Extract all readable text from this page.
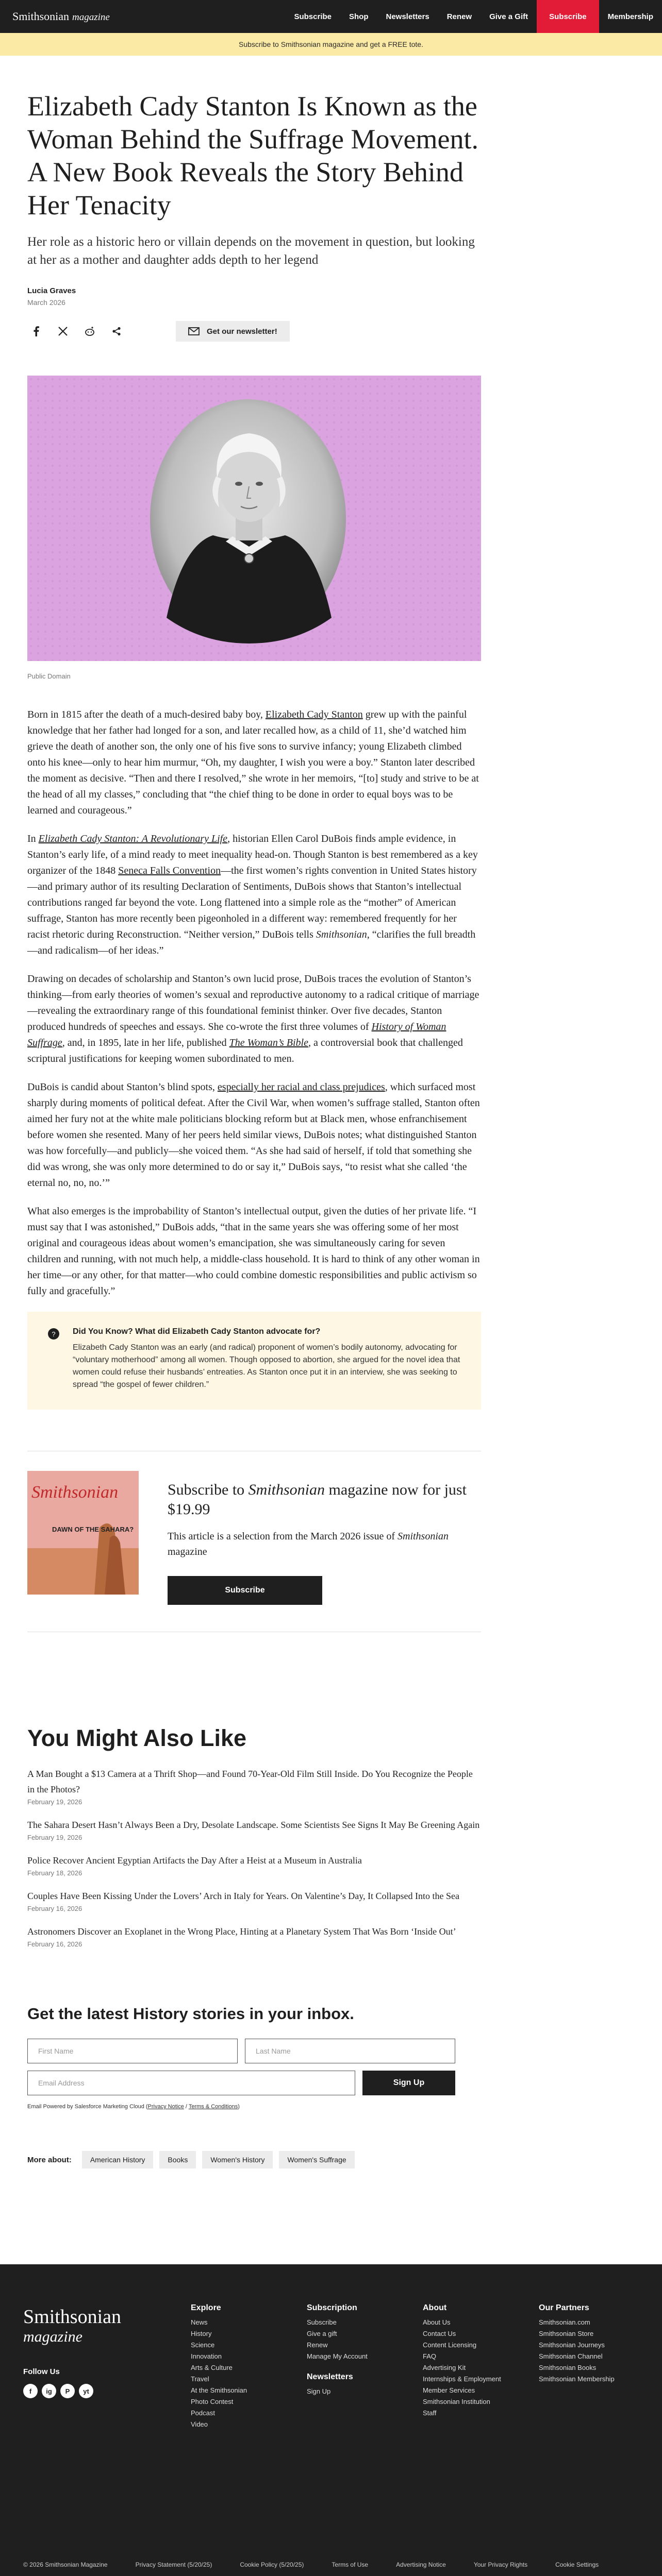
Smithsonian magazine	Subscribe	Shop	Newsletters	Renew	Give a Gift	Subscribe	Membership
Subscribe to Smithsonian magazine and get a FREE tote.
Elizabeth Cady Stanton Is Known as the Woman Behind the Suffrage Movement. A New Book Reveals the Story Behind Her Tenacity

Her role as a historic hero or villain depends on the movement in question, but looking at her as a mother and daughter adds depth to her legend

Lucia Graves
March 2026
Get our newsletter!
Public Domain

Born in 1815 after the death of a much-desired baby boy, Elizabeth Cady Stanton grew up with the painful knowledge that her father had longed for a son, and later recalled how, as a child of 11, she’d watched him grieve the death of another son, the only one of his five sons to survive infancy; young Elizabeth climbed onto his knee—only to hear him murmur, “Oh, my daughter, I wish you were a boy.” Stanton later described the moment as decisive. “Then and there I resolved,” she wrote in her memoirs, “[to] study and strive to be at the head of all my classes,” concluding that “the chief thing to be done in order to equal boys was to be learned and courageous.”

In Elizabeth Cady Stanton: A Revolutionary Life, historian Ellen Carol DuBois finds ample evidence, in Stanton’s early life, of a mind ready to meet inequality head-on. Though Stanton is best remembered as a key organizer of the 1848 Seneca Falls Convention—the first women’s rights convention in United States history—and primary author of its resulting Declaration of Sentiments, DuBois shows that Stanton’s intellectual contributions ranged far beyond the vote. Long flattened into a simple role as the “mother” of American suffrage, Stanton has more recently been pigeonholed in a different way: remembered frequently for her racist rhetoric during Reconstruction. “Neither version,” DuBois tells Smithsonian, “clarifies the full breadth—and radicalism—of her ideas.”

Drawing on decades of scholarship and Stanton’s own lucid prose, DuBois traces the evolution of Stanton’s thinking—from early theories of women’s sexual and reproductive autonomy to a radical critique of marriage—revealing the extraordinary range of this foundational feminist thinker. Over five decades, Stanton produced hundreds of speeches and essays. She co-wrote the first three volumes of History of Woman Suffrage, and, in 1895, late in her life, published The Woman’s Bible, a controversial book that challenged scriptural justifications for keeping women subordinated to men.

DuBois is candid about Stanton’s blind spots, especially her racial and class prejudices, which surfaced most sharply during moments of political defeat. After the Civil War, when women’s suffrage stalled, Stanton often aimed her fury not at the white male politicians blocking reform but at Black men, whose enfranchisement before women she resented. Many of her peers held similar views, DuBois notes; what distinguished Stanton was how forcefully—and publicly—she voiced them. “As she had said of herself, if told that something she did was wrong, she was only more determined to do or say it,” DuBois says, “to resist what she called ‘the eternal no, no, no.’”

What also emerges is the improbability of Stanton’s intellectual output, given the duties of her private life. “I must say that I was astonished,” DuBois adds, “that in the same years she was offering some of her most original and courageous ideas about women’s emancipation, she was simultaneously caring for seven children and running, with not much help, a middle-class household. It is hard to think of any other woman in her time—or any other, for that matter—who could combine domestic responsibilities and public activism so fully and gracefully.”

?	Did You Know? What did Elizabeth Cady Stanton advocate for?

Elizabeth Cady Stanton was an early (and radical) proponent of women’s bodily autonomy, advocating for “voluntary motherhood” among all women. Though opposed to abortion, she argued for the novel idea that women could refuse their husbands’ entreaties. As Stanton once put it in an interview, she was seeking to spread “the gospel of fewer children.”

Smithsonian
DAWN OF THE SAHARA?
Subscribe to Smithsonian magazine now for just $19.99
This article is a selection from the March 2026 issue of Smithsonian magazine
Subscribe
You Might Also Like
A Man Bought a $13 Camera at a Thrift Shop—and Found 70-Year-Old Film Still Inside. Do You Recognize the People in the Photos?
February 19, 2026
The Sahara Desert Hasn’t Always Been a Dry, Desolate Landscape. Some Scientists See Signs It May Be Greening Again
February 19, 2026
Police Recover Ancient Egyptian Artifacts the Day After a Heist at a Museum in Australia
February 18, 2026
Couples Have Been Kissing Under the Lovers’ Arch in Italy for Years. On Valentine’s Day, It Collapsed Into the Sea
February 16, 2026
Astronomers Discover an Exoplanet in the Wrong Place, Hinting at a Planetary System That Was Born ‘Inside Out’
February 16, 2026
Get the latest History stories in your inbox.
First Name	Last Name
Email Address	Sign Up
Email Powered by Salesforce Marketing Cloud (Privacy Notice / Terms & Conditions)
More about:	American History	Books	Women's History	Women's Suffrage
Smithsonian
magazine
Follow Us
f	ig	P	yt
Explore
News
History
Science
Innovation
Arts & Culture
Travel
At the Smithsonian
Photo Contest
Podcast
Video
Subscription
Subscribe
Give a gift
Renew
Manage My Account
Newsletters
Sign Up
About
About Us
Contact Us
Content Licensing
FAQ
Advertising Kit
Internships & Employment
Member Services
Smithsonian Institution
Staff
Our Partners
Smithsonian.com
Smithsonian Store
Smithsonian Journeys
Smithsonian Channel
Smithsonian Books
Smithsonian Membership
© 2026 Smithsonian Magazine	Privacy Statement (5/20/25)	Cookie Policy (5/20/25)	Terms of Use	Advertising Notice	Your Privacy Rights	Cookie Settings
